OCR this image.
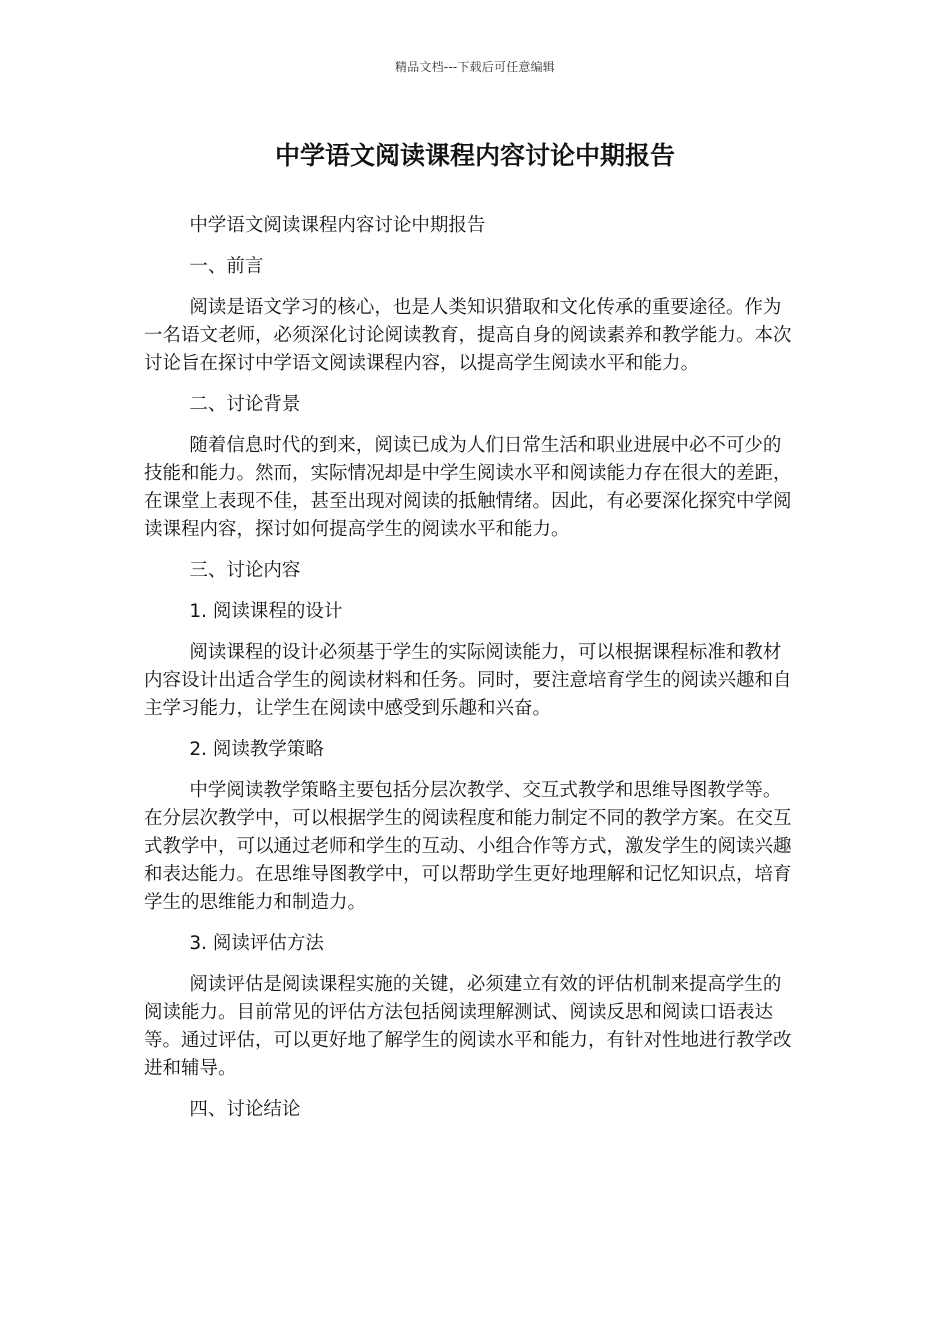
精品文档---下载后可任意编辑
中学语文阅读课程内容讨论中期报告

中学语文阅读课程内容讨论中期报告

一、前言

阅读是语文学习的核心，也是人类知识猎取和文化传承的重要途径。作为一名语文老师，必须深化讨论阅读教育，提高自身的阅读素养和教学能力。本次讨论旨在探讨中学语文阅读课程内容，以提高学生阅读水平和能力。

二、讨论背景

随着信息时代的到来，阅读已成为人们日常生活和职业进展中必不可少的技能和能力。然而，实际情况却是中学生阅读水平和阅读能力存在很大的差距，在课堂上表现不佳，甚至出现对阅读的抵触情绪。因此，有必要深化探究中学阅读课程内容，探讨如何提高学生的阅读水平和能力。

三、讨论内容

1. 阅读课程的设计

阅读课程的设计必须基于学生的实际阅读能力，可以根据课程标准和教材内容设计出适合学生的阅读材料和任务。同时，要注意培育学生的阅读兴趣和自主学习能力，让学生在阅读中感受到乐趣和兴奋。

2. 阅读教学策略

中学阅读教学策略主要包括分层次教学、交互式教学和思维导图教学等。在分层次教学中，可以根据学生的阅读程度和能力制定不同的教学方案。在交互式教学中，可以通过老师和学生的互动、小组合作等方式，激发学生的阅读兴趣和表达能力。在思维导图教学中，可以帮助学生更好地理解和记忆知识点，培育学生的思维能力和制造力。

3. 阅读评估方法

阅读评估是阅读课程实施的关键，必须建立有效的评估机制来提高学生的阅读能力。目前常见的评估方法包括阅读理解测试、阅读反思和阅读口语表达等。通过评估，可以更好地了解学生的阅读水平和能力，有针对性地进行教学改进和辅导。

四、讨论结论
